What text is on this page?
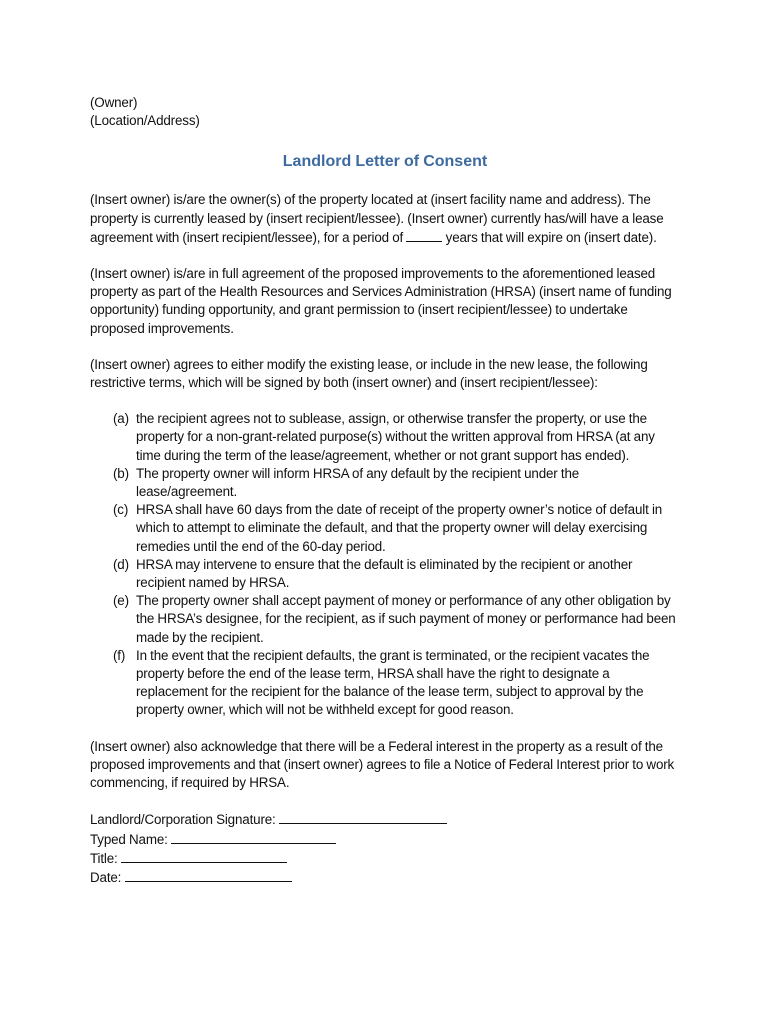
(Owner)
(Location/Address)
Landlord Letter of Consent

(Insert owner) is/are the owner(s) of the property located at (insert facility name and address). The property is currently leased by (insert recipient/lessee). (Insert owner) currently has/will have a lease agreement with (insert recipient/lessee), for a period of	years that will expire on (insert date).

(Insert owner) is/are in full agreement of the proposed improvements to the aforementioned leased property as part of the Health Resources and Services Administration (HRSA) (insert name of funding opportunity) funding opportunity, and grant permission to (insert recipient/lessee) to undertake proposed improvements.

(Insert owner) agrees to either modify the existing lease, or include in the new lease, the following restrictive terms, which will be signed by both (insert owner) and (insert recipient/lessee):

(a) the recipient agrees not to sublease, assign, or otherwise transfer the property, or use the property for a non-grant-related purpose(s) without the written approval from HRSA (at any time during the term of the lease/agreement, whether or not grant support has ended).
(b) The property owner will inform HRSA of any default by the recipient under the lease/agreement.
(c) HRSA shall have 60 days from the date of receipt of the property owner’s notice of default in which to attempt to eliminate the default, and that the property owner will delay exercising remedies until the end of the 60-day period.
(d) HRSA may intervene to ensure that the default is eliminated by the recipient or another recipient named by HRSA.
(e) The property owner shall accept payment of money or performance of any other obligation by the HRSA’s designee, for the recipient, as if such payment of money or performance had been made by the recipient.
(f) In the event that the recipient defaults, the grant is terminated, or the recipient vacates the property before the end of the lease term, HRSA shall have the right to designate a replacement for the recipient for the balance of the lease term, subject to approval by the property owner, which will not be withheld except for good reason.

(Insert owner) also acknowledge that there will be a Federal interest in the property as a result of the proposed improvements and that (insert owner) agrees to file a Notice of Federal Interest prior to work commencing, if required by HRSA.

Landlord/Corporation Signature:
Typed Name:
Title:
Date:
